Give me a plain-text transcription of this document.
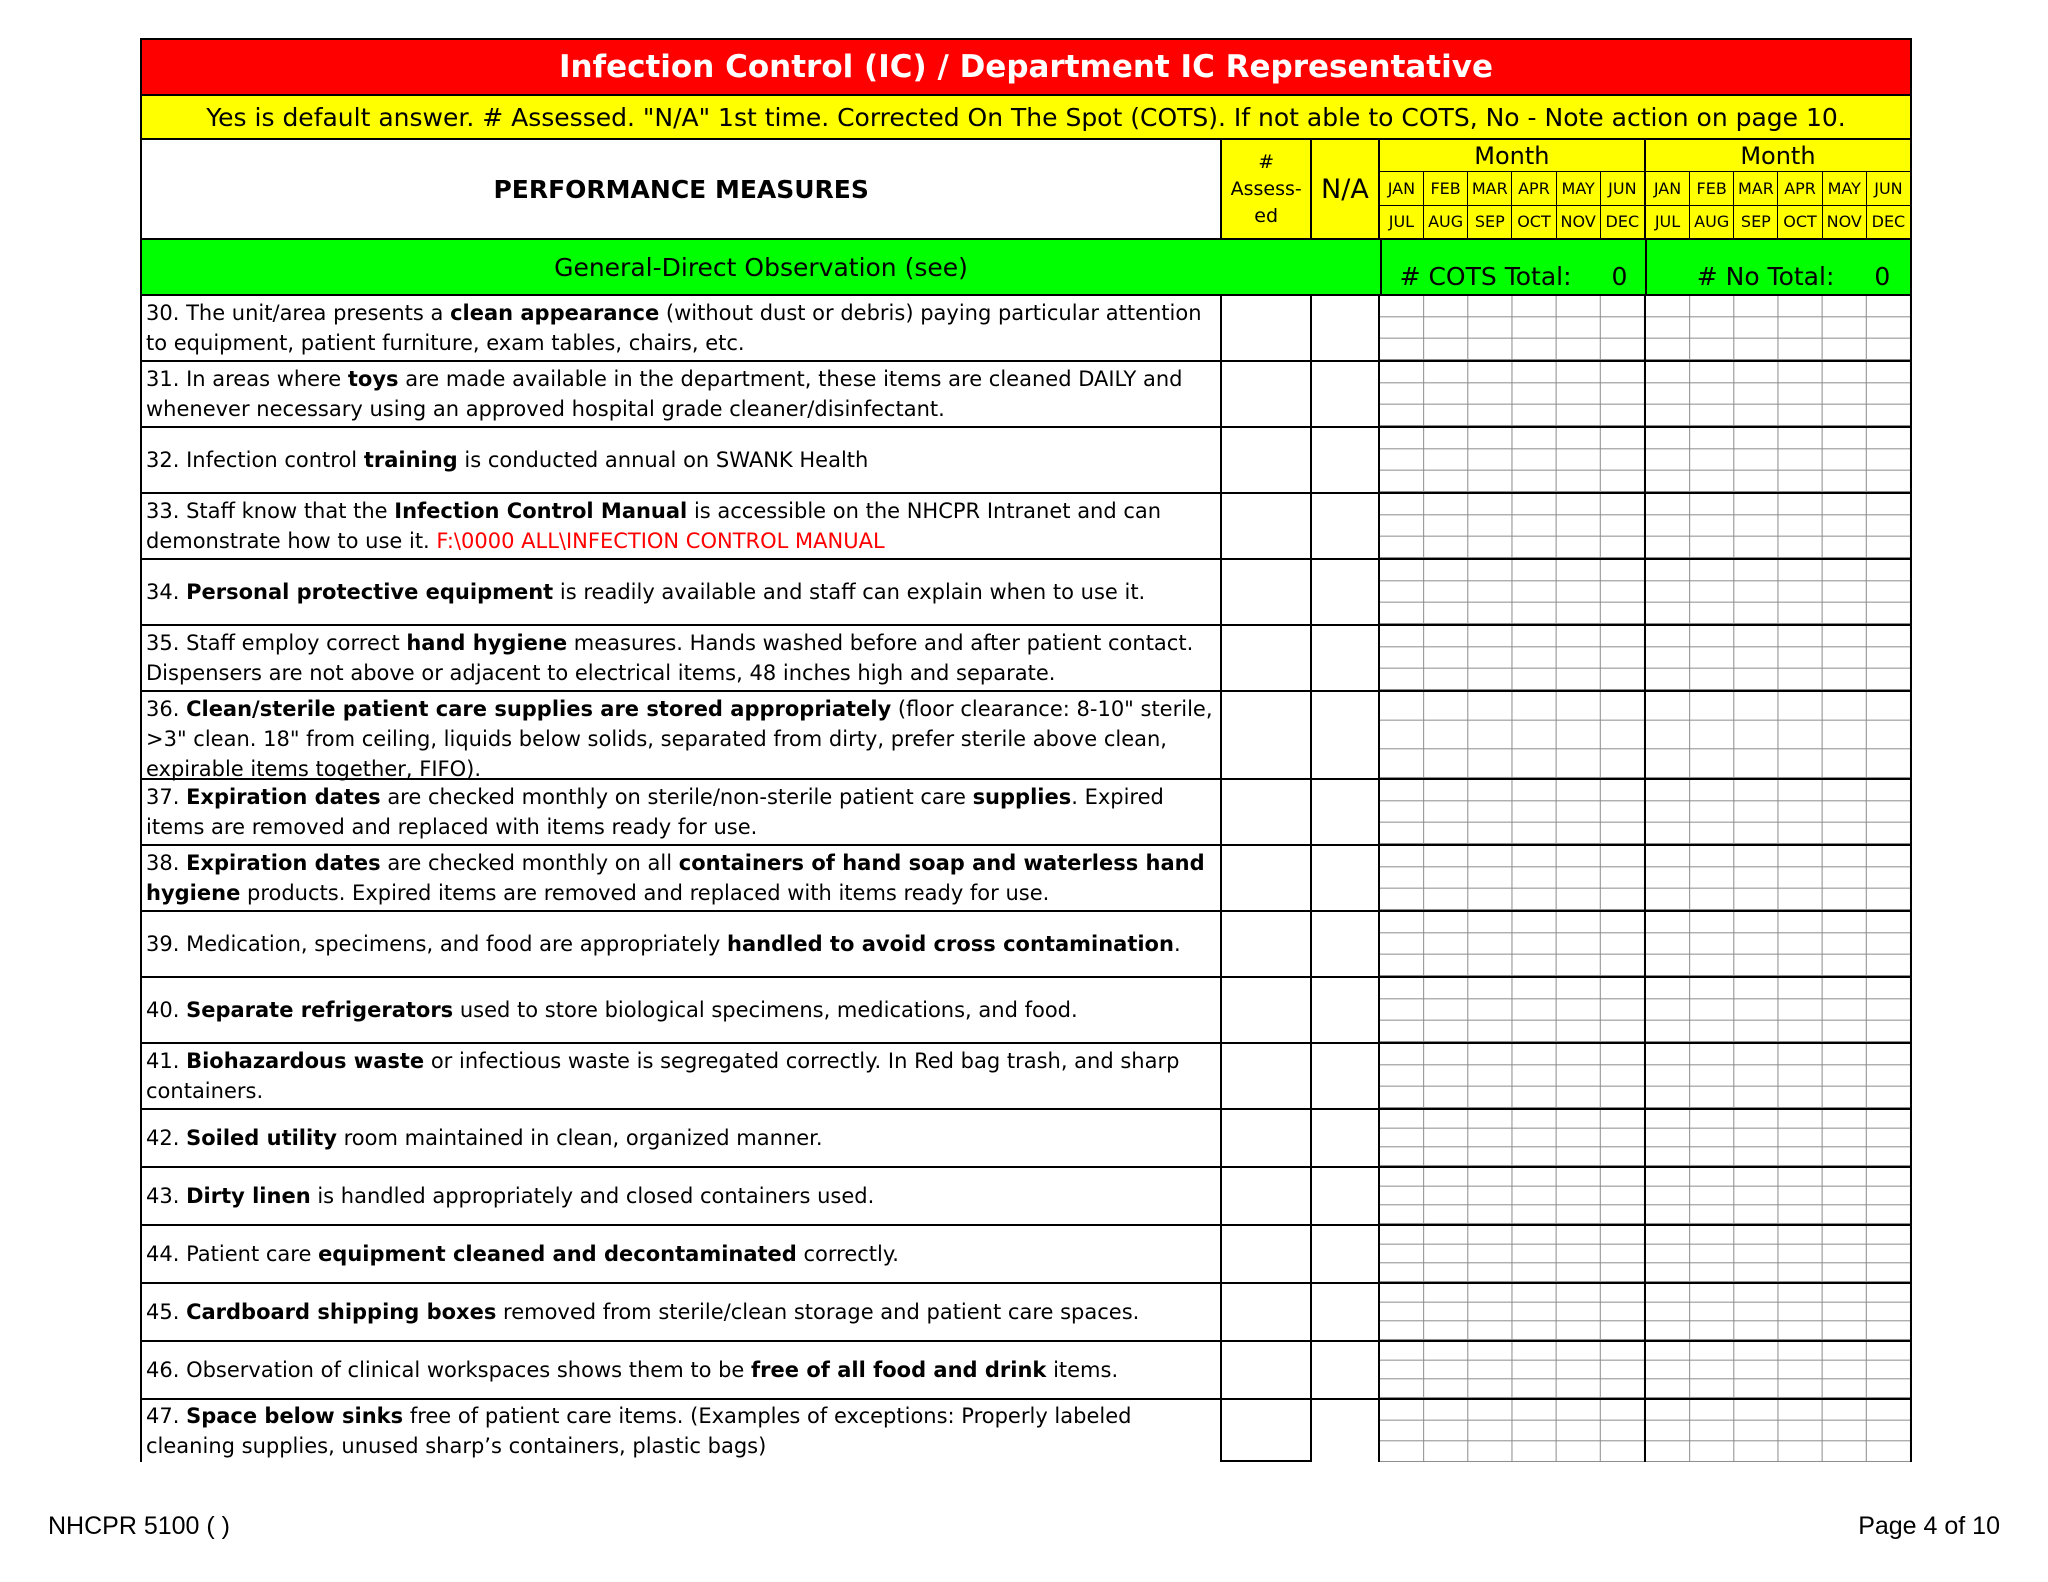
Infection Control (IC) / Department IC Representative
Yes is default answer. # Assessed. "N/A" 1st time. Corrected On The Spot (COTS). If not able to COTS, No - Note action on page 10.
PERFORMANCE MEASURES
# Assess-ed
N/A
Month
JAN FEB MAR APR MAY JUN
JUL AUG SEP OCT NOV DEC
Month
JAN FEB MAR APR MAY JUN
JUL AUG SEP OCT NOV DEC
General-Direct Observation (see)	# COTS Total: 0	# No Total: 0
30. The unit/area presents a clean appearance (without dust or debris) paying particular attention to equipment, patient furniture, exam tables, chairs, etc.
31. In areas where toys are made available in the department, these items are cleaned DAILY and whenever necessary using an approved hospital grade cleaner/disinfectant.
32. Infection control training is conducted annual on SWANK Health
33. Staff know that the Infection Control Manual is accessible on the NHCPR Intranet and can demonstrate how to use it. F:\0000 ALL\INFECTION CONTROL MANUAL
34. Personal protective equipment is readily available and staff can explain when to use it.
35. Staff employ correct hand hygiene measures. Hands washed before and after patient contact. Dispensers are not above or adjacent to electrical items, 48 inches high and separate.
36. Clean/sterile patient care supplies are stored appropriately (floor clearance: 8-10" sterile, >3" clean. 18" from ceiling, liquids below solids, separated from dirty, prefer sterile above clean, expirable items together, FIFO).
37. Expiration dates are checked monthly on sterile/non-sterile patient care supplies. Expired items are removed and replaced with items ready for use.
38. Expiration dates are checked monthly on all containers of hand soap and waterless hand hygiene products. Expired items are removed and replaced with items ready for use.
39. Medication, specimens, and food are appropriately handled to avoid cross contamination.
40. Separate refrigerators used to store biological specimens, medications, and food.
41. Biohazardous waste or infectious waste is segregated correctly. In Red bag trash, and sharp containers.
42. Soiled utility room maintained in clean, organized manner.
43. Dirty linen is handled appropriately and closed containers used.
44. Patient care equipment cleaned and decontaminated correctly.
45. Cardboard shipping boxes removed from sterile/clean storage and patient care spaces.
46. Observation of clinical workspaces shows them to be free of all food and drink items.
47. Space below sinks free of patient care items. (Examples of exceptions: Properly labeled cleaning supplies, unused sharp’s containers, plastic bags)
NHCPR 5100 ( )	Page 4 of 10
